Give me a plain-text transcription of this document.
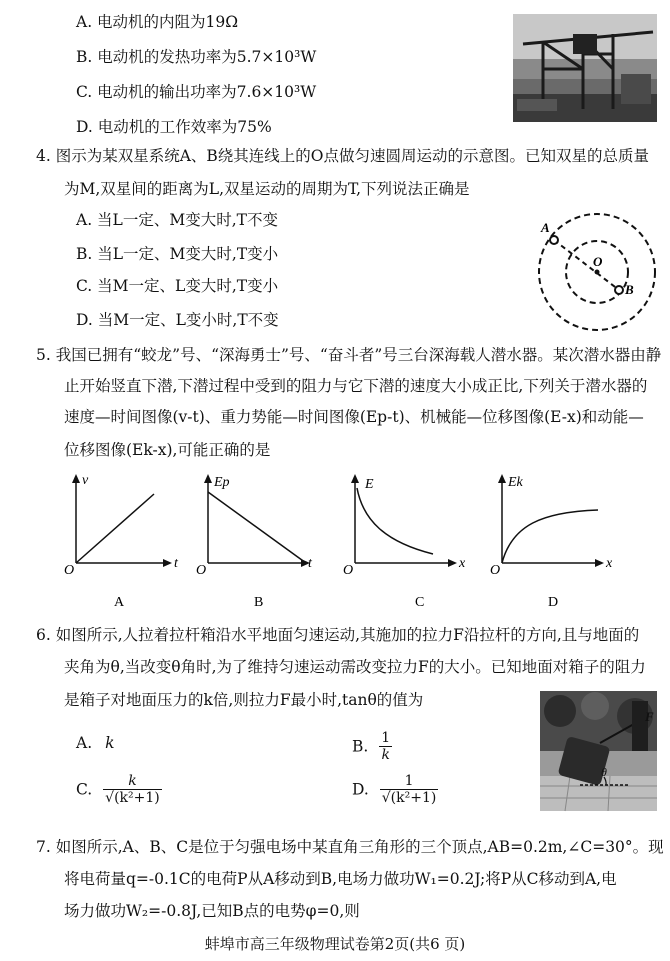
A. 电动机的内阻为19Ω
B. 电动机的发热功率为5.7×10³W
C. 电动机的输出功率为7.6×10³W
D. 电动机的工作效率为75%
4. 图示为某双星系统A、B绕其连线上的O点做匀速圆周运动的示意图。已知双星的总质量
为M,双星间的距离为L,双星运动的周期为T,下列说法正确是
A. 当L一定、M变大时,T不变
B. 当L一定、M变大时,T变小
C. 当M一定、L变大时,T变小
D. 当M一定、L变小时,T不变
A
O
B
5. 我国已拥有“蛟龙”号、“深海勇士”号、“奋斗者”号三台深海载人潜水器。某次潜水器由静
止开始竖直下潜,下潜过程中受到的阻力与它下潜的速度大小成正比,下列关于潜水器的
速度—时间图像(v-t)、重力势能—时间图像(Ep-t)、机械能—位移图像(E-x)和动能—
位移图像(Ek-x),可能正确的是
v
t
O
A
Ep
t
O
B
E
x
O
C
Ek
x
O
D
6. 如图所示,人拉着拉杆箱沿水平地面匀速运动,其施加的拉力F沿拉杆的方向,且与地面的
夹角为θ,当改变θ角时,为了维持匀速运动需改变拉力F的大小。已知地面对箱子的阻力
是箱子对地面压力的k倍,则拉力F最小时,tanθ的值为
A. k	B. $\frac{1}{k}$
C. $\frac{k}{\text{√(k²+1)}}$	D. $\frac{1}{\text{√(k²+1)}}$
F
θ
7. 如图所示,A、B、C是位于匀强电场中某直角三角形的三个顶点,AB=0.2m,∠C=30°。现
将电荷量q=-0.1C的电荷P从A移动到B,电场力做功W₁=0.2J;将P从C移动到A,电
场力做功W₂=-0.8J,已知B点的电势φ=0,则
蚌埠市高三年级物理试卷第2页(共6 页)
